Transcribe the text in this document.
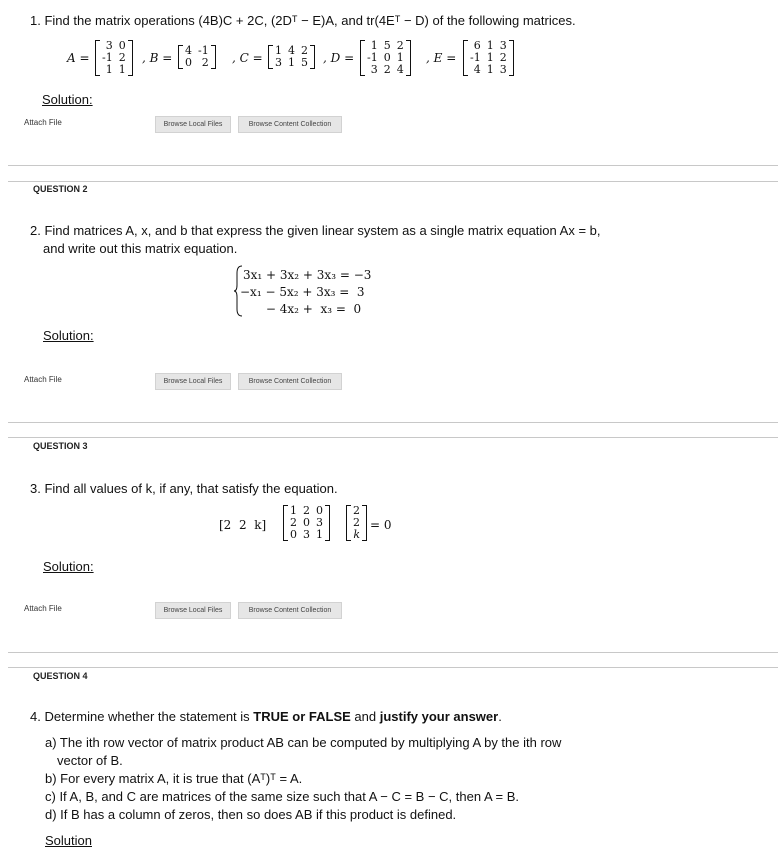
1. Find the matrix operations (4B)C + 2C, (2Dᵀ − E)A, and tr(4Eᵀ − D) of the following matrices.
A =
3	0
-1	2
1	1
, B =
4	-1
0	2 , C =
1	4	2
3	1	5 , D =
1	5	2
-1	0	1
3	2	4
, E =
6	1	3
-1	1	2
4	1	3
Solution:
Attach File	Browse Local Files	Browse Content Collection
QUESTION 2
2. Find matrices A, x, and b that express the given linear system as a single matrix equation Ax = b,
and write out this matrix equation.
3x₁ + 3x₂ + 3x₃ = −3
−x₁ − 5x₂ + 3x₃ =  3
− 4x₂ +  x₃ =  0
Solution:
Attach File	Browse Local Files	Browse Content Collection
QUESTION 3
3. Find all values of k, if any, that satisfy the equation.
[2  2  k]
1	2	0
2	0	3
0	3	1
2
2
k
= 0
Solution:
Attach File	Browse Local Files	Browse Content Collection
QUESTION 4
4. Determine whether the statement is TRUE or FALSE and justify your answer.
a) The ith row vector of matrix product AB can be computed by multiplying A by the ith row
vector of B.
b) For every matrix A, it is true that (Aᵀ)ᵀ = A.
c) If A, B, and C are matrices of the same size such that A − C = B − C, then A = B.
d) If B has a column of zeros, then so does AB if this product is defined.
Solution
